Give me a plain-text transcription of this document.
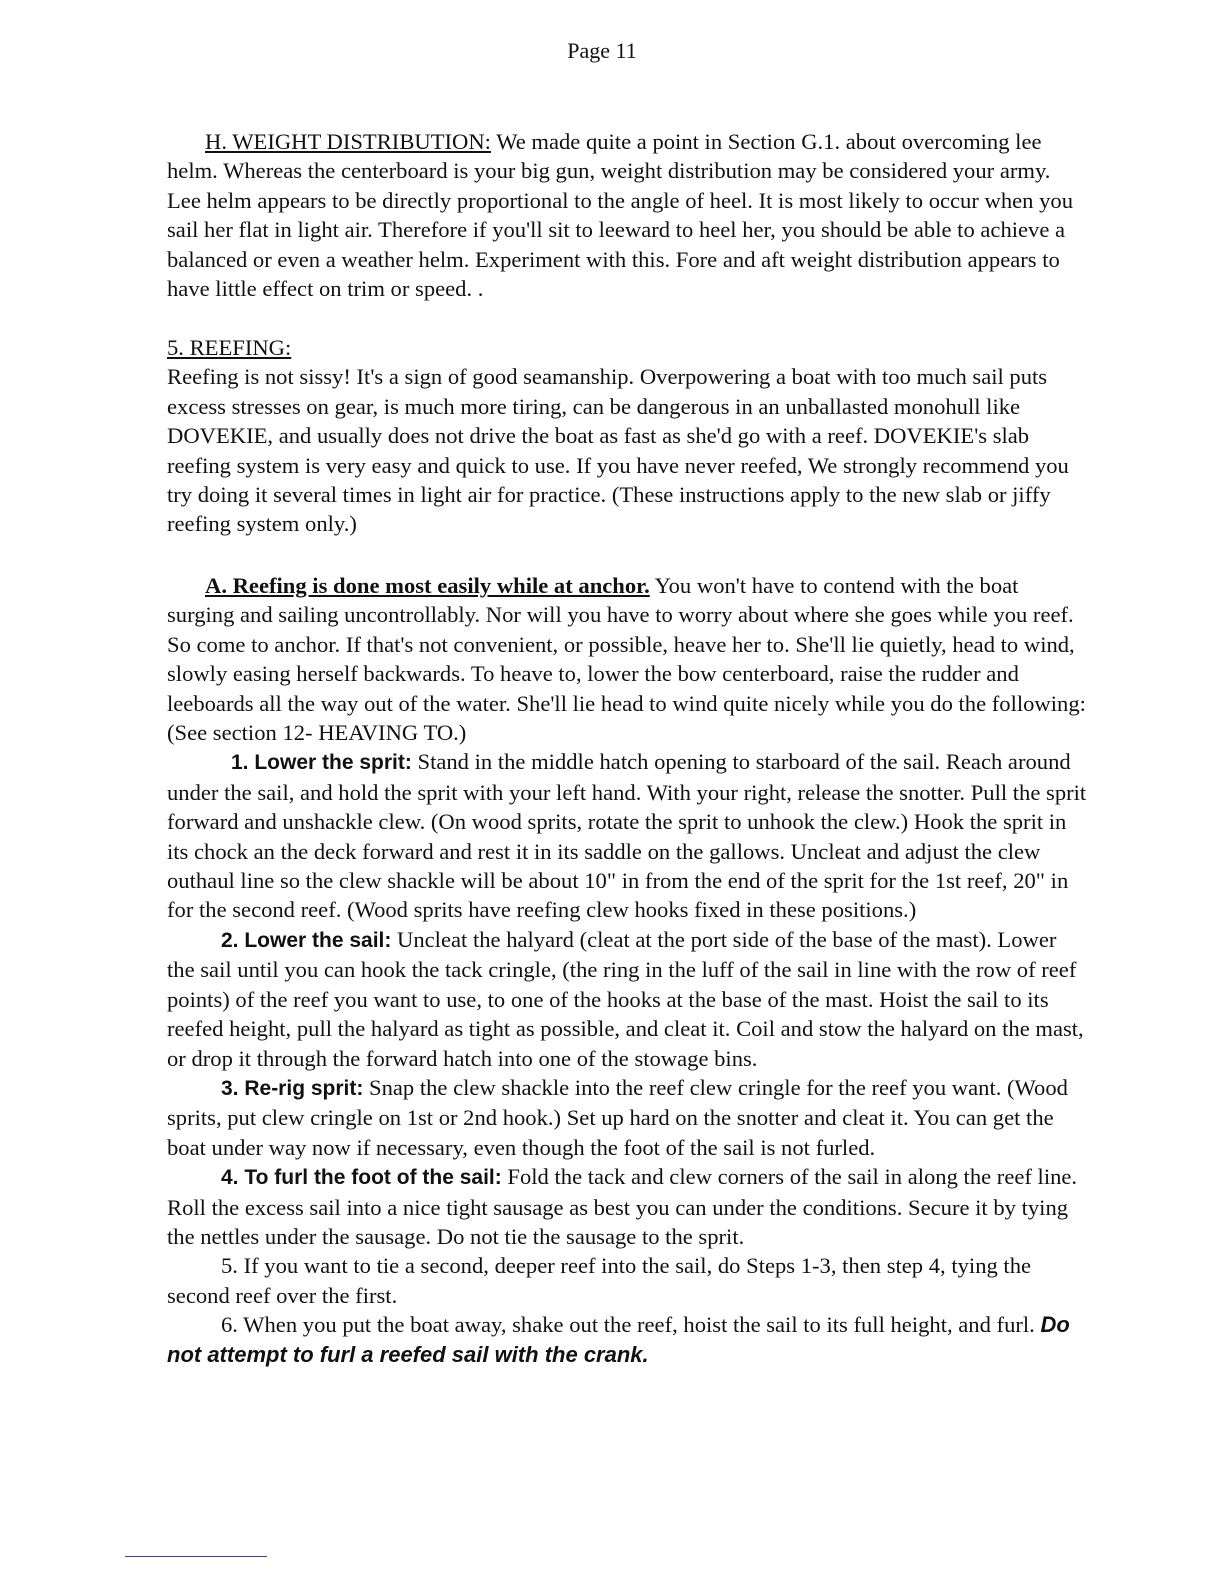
Page 11

H. WEIGHT DISTRIBUTION: We made quite a point in Section G.1. about overcoming lee helm. Whereas the centerboard is your big gun, weight distribution may be considered your army. Lee helm appears to be directly proportional to the angle of heel. It is most likely to occur when you sail her flat in light air. Therefore if you'll sit to leeward to heel her, you should be able to achieve a balanced or even a weather helm. Experiment with this. Fore and aft weight distribution appears to have little effect on trim or speed. .

5. REEFING:

Reefing is not sissy! It's a sign of good seamanship. Overpowering a boat with too much sail puts excess stresses on gear, is much more tiring, can be dangerous in an unballasted monohull like DOVEKIE, and usually does not drive the boat as fast as she'd go with a reef. DOVEKIE's slab reefing system is very easy and quick to use. If you have never reefed, We strongly recommend you try doing it several times in light air for practice. (These instructions apply to the new slab or jiffy reefing system only.)

A. Reefing is done most easily while at anchor. You won't have to contend with the boat surging and sailing uncontrollably. Nor will you have to worry about where she goes while you reef. So come to anchor. If that's not convenient, or possible, heave her to. She'll lie quietly, head to wind, slowly easing herself backwards. To heave to, lower the bow centerboard, raise the rudder and leeboards all the way out of the water. She'll lie head to wind quite nicely while you do the following: (See section 12- HEAVING TO.)

1. Lower the sprit: Stand in the middle hatch opening to starboard of the sail. Reach around under the sail, and hold the sprit with your left hand. With your right, release the snotter. Pull the sprit forward and unshackle clew. (On wood sprits, rotate the sprit to unhook the clew.) Hook the sprit in its chock an the deck forward and rest it in its saddle on the gallows. Uncleat and adjust the clew outhaul line so the clew shackle will be about 10" in from the end of the sprit for the 1st reef, 20" in for the second reef. (Wood sprits have reefing clew hooks fixed in these positions.)

2. Lower the sail: Uncleat the halyard (cleat at the port side of the base of the mast). Lower the sail until you can hook the tack cringle, (the ring in the luff of the sail in line with the row of reef points) of the reef you want to use, to one of the hooks at the base of the mast. Hoist the sail to its reefed height, pull the halyard as tight as possible, and cleat it. Coil and stow the halyard on the mast, or drop it through the forward hatch into one of the stowage bins.

3. Re-rig sprit: Snap the clew shackle into the reef clew cringle for the reef you want. (Wood sprits, put clew cringle on 1st or 2nd hook.) Set up hard on the snotter and cleat it. You can get the boat under way now if necessary, even though the foot of the sail is not furled.

4. To furl the foot of the sail: Fold the tack and clew corners of the sail in along the reef line. Roll the excess sail into a nice tight sausage as best you can under the conditions. Secure it by tying the nettles under the sausage. Do not tie the sausage to the sprit.

5. If you want to tie a second, deeper reef into the sail, do Steps 1-3, then step 4, tying the second reef over the first.

6. When you put the boat away, shake out the reef, hoist the sail to its full height, and furl. Do not attempt to furl a reefed sail with the crank.
